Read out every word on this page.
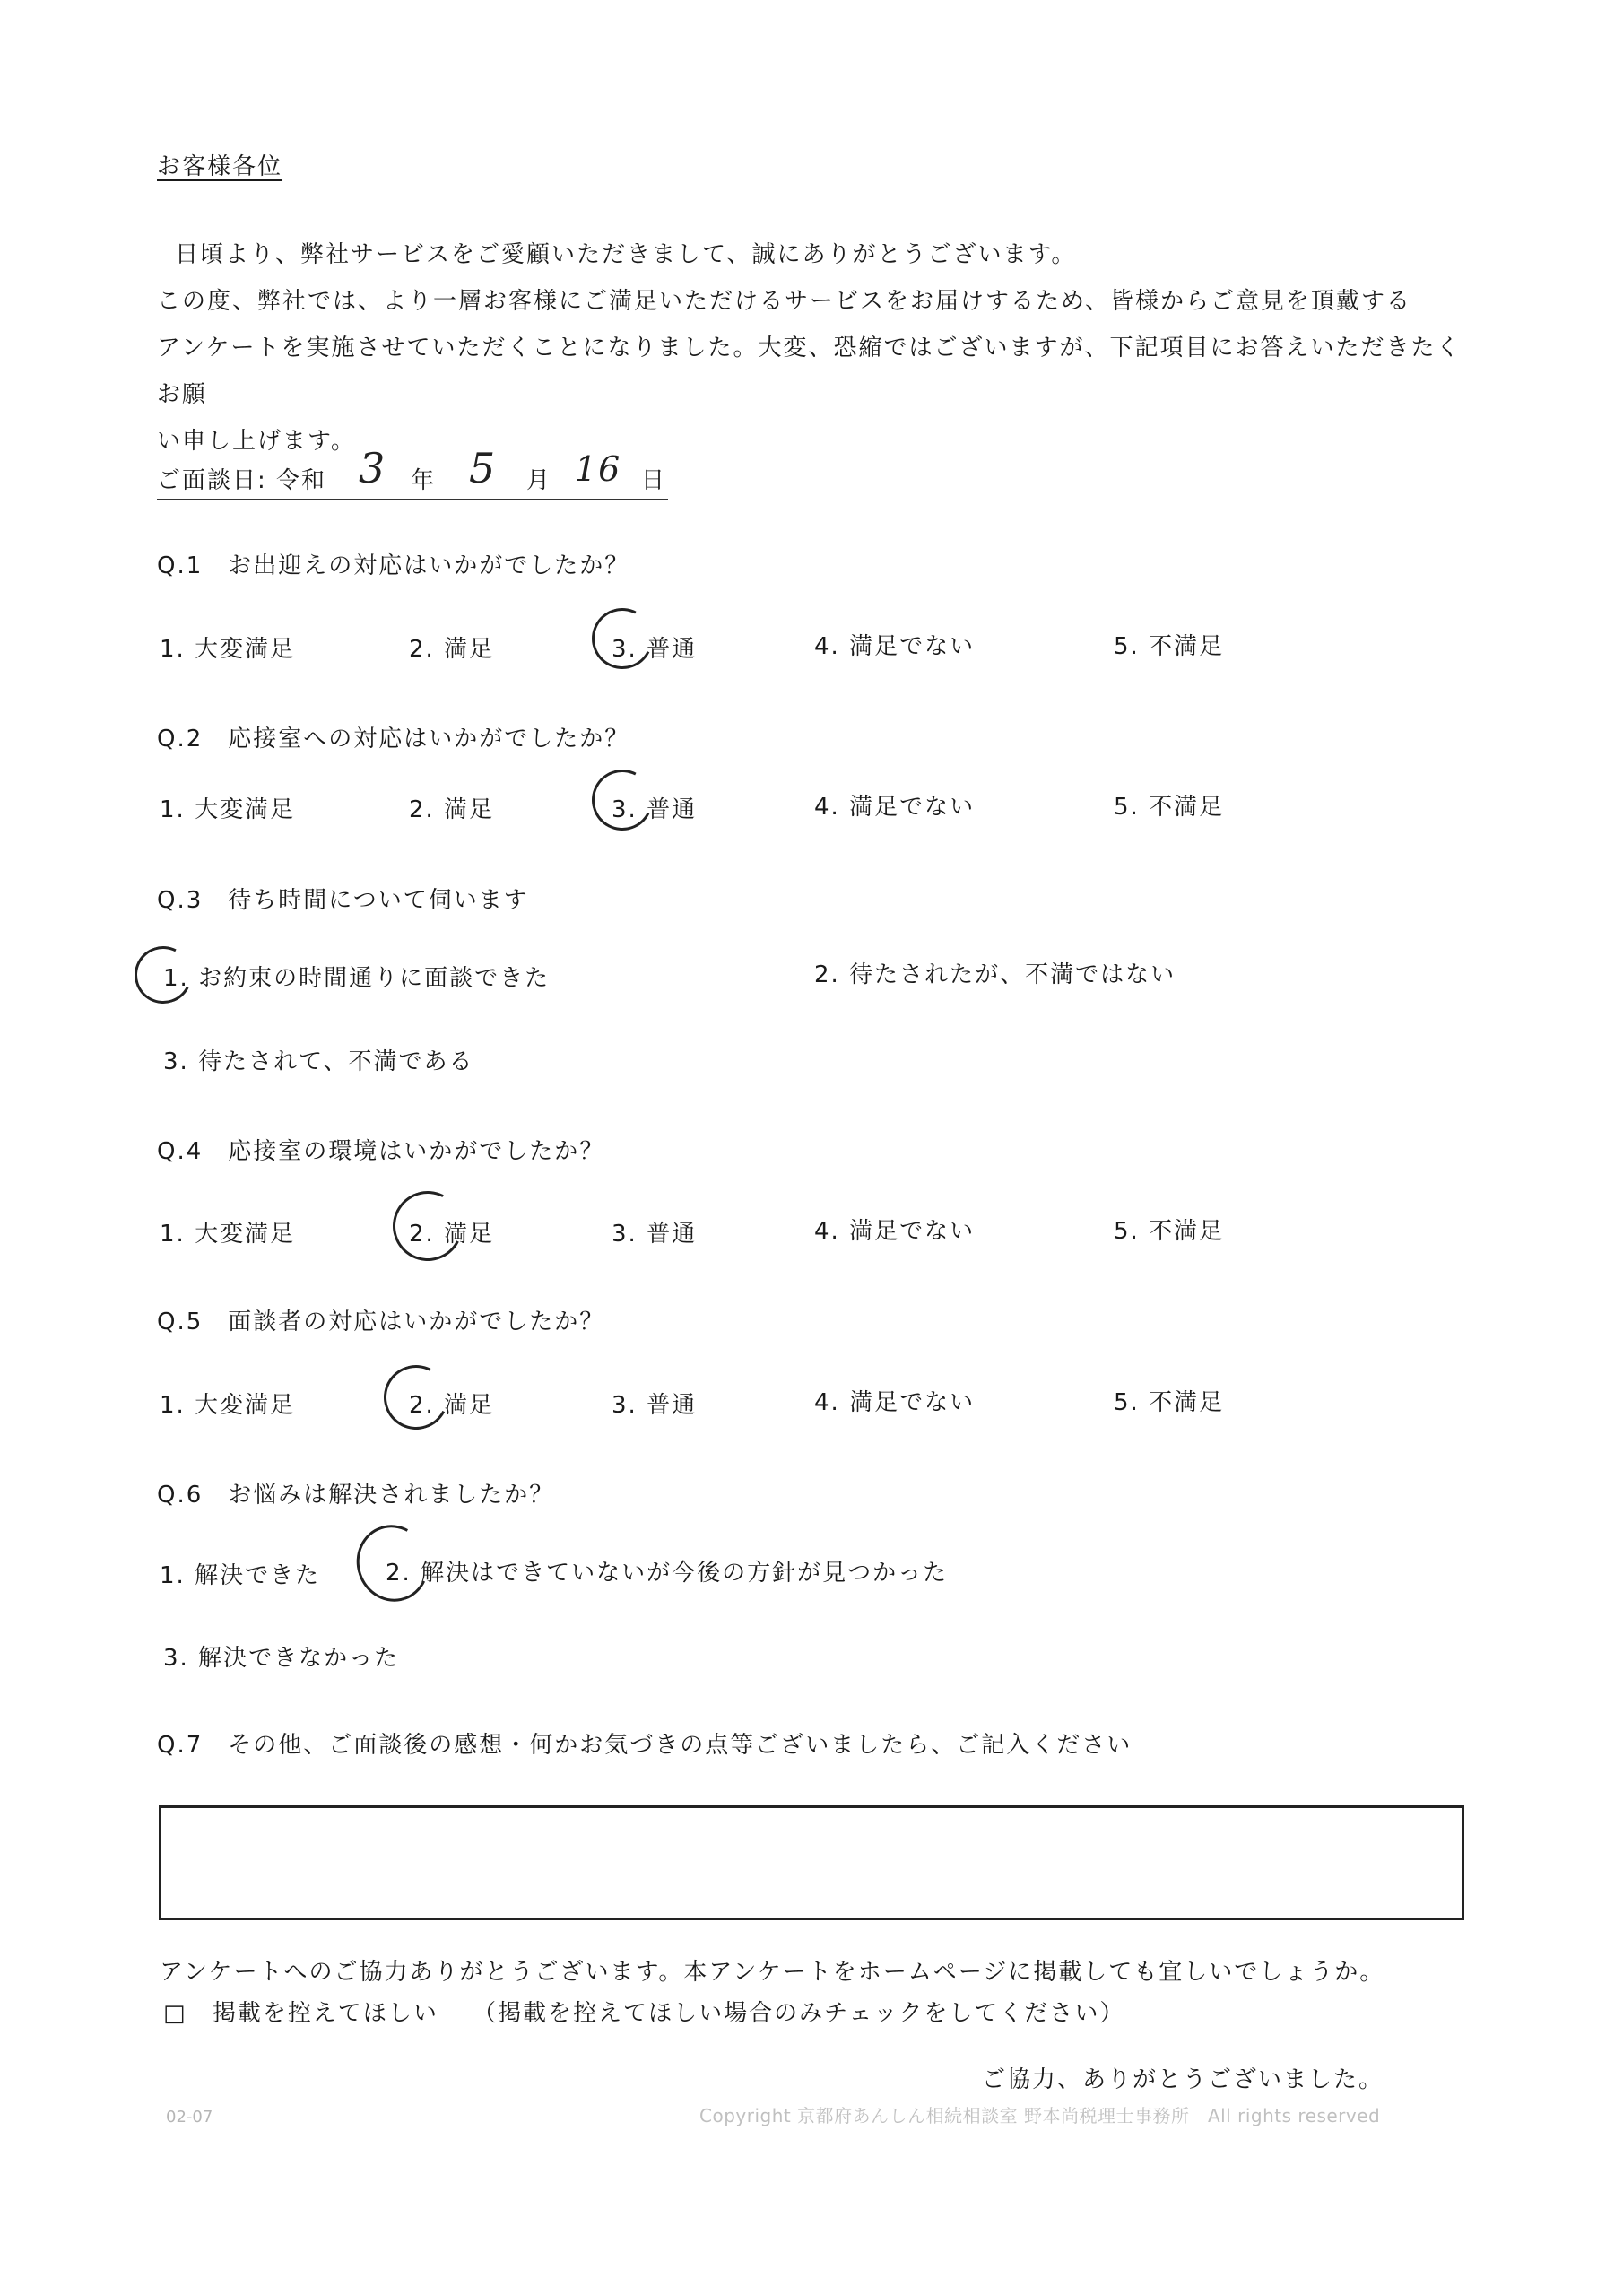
お客様各位

日頃より、弊社サービスをご愛顧いただきまして、誠にありがとうございます。

この度、弊社では、より一層お客様にご満足いただけるサービスをお届けするため、皆様からご意見を頂戴する

アンケートを実施させていただくことになりました。大変、恐縮ではございますが、下記項目にお答えいただきたくお願

い申し上げます。

ご面談日: 令和 3 年 5 月 16 日
Q.1　お出迎えの対応はいかがでしたか？
1. 大変満足	2. 満足	3. 普通	4. 満足でない	5. 不満足
Q.2　応接室への対応はいかがでしたか？
1. 大変満足	2. 満足	3. 普通	4. 満足でない	5. 不満足
Q.3　待ち時間について伺います
1. お約束の時間通りに面談できた	2. 待たされたが、不満ではない
3. 待たされて、不満である
Q.4　応接室の環境はいかがでしたか？
1. 大変満足	2. 満足	3. 普通	4. 満足でない	5. 不満足
Q.5　面談者の対応はいかがでしたか？
1. 大変満足	2. 満足	3. 普通	4. 満足でない	5. 不満足
Q.6　お悩みは解決されましたか？
1. 解決できた	2. 解決はできていないが今後の方針が見つかった
3. 解決できなかった
Q.7　その他、ご面談後の感想・何かお気づきの点等ございましたら、ご記入ください
アンケートへのご協力ありがとうございます。本アンケートをホームページに掲載しても宜しいでしょうか。
□ 掲載を控えてほしい （掲載を控えてほしい場合のみチェックをしてください）
ご協力、ありがとうございました。
02-07	Copyright 京都府あんしん相続相談室 野本尚税理士事務所　All rights reserved
